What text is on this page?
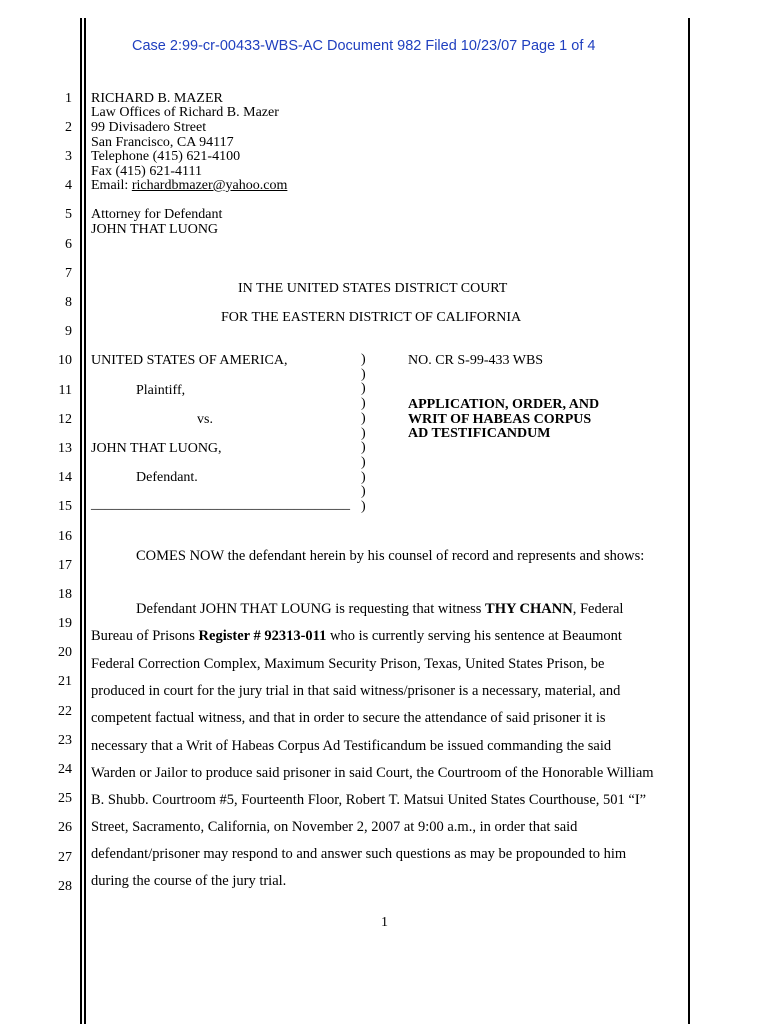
Case 2:99-cr-00433-WBS-AC Document 982 Filed 10/23/07 Page 1 of 4
1
2
3
4
5
6
7
8
9
10
11
12
13
14
15
16
17
18
19
20
21
22
23
24
25
26
27
28
RICHARD B. MAZER
Law Offices of Richard B. Mazer
99 Divisadero Street
San Francisco, CA 94117
Telephone (415) 621-4100
Fax (415) 621-4111
Email: richardbmazer@yahoo.com
Attorney for Defendant
JOHN THAT LUONG
IN THE UNITED STATES DISTRICT COURT
FOR THE EASTERN DISTRICT OF CALIFORNIA
UNITED STATES OF AMERICA,
Plaintiff,
vs.
JOHN THAT LUONG,
Defendant.
_____________________________________
)
)
)
)
)
)
)
)
)
)
)
NO. CR S-99-433 WBS
APPLICATION, ORDER, AND
WRIT OF HABEAS CORPUS
AD TESTIFICANDUM
COMES NOW the defendant herein by his counsel of record and represents and shows:
Defendant JOHN THAT LOUNG is requesting that witness THY CHANN, Federal
Bureau of Prisons Register # 92313-011 who is currently serving his sentence at Beaumont
Federal Correction Complex, Maximum Security Prison, Texas, United States Prison, be
produced in court for the jury trial in that said witness/prisoner is a necessary, material, and
competent factual witness, and that in order to secure the attendance of said prisoner it is
necessary that a Writ of Habeas Corpus Ad Testificandum be issued commanding the said
Warden or Jailor to produce said prisoner in said Court, the Courtroom of the Honorable William
B. Shubb. Courtroom #5, Fourteenth Floor, Robert T. Matsui United States Courthouse, 501 “I”
Street, Sacramento, California, on November 2, 2007 at 9:00 a.m., in order that said
defendant/prisoner may respond to and answer such questions as may be propounded to him
during the course of the jury trial.
1
